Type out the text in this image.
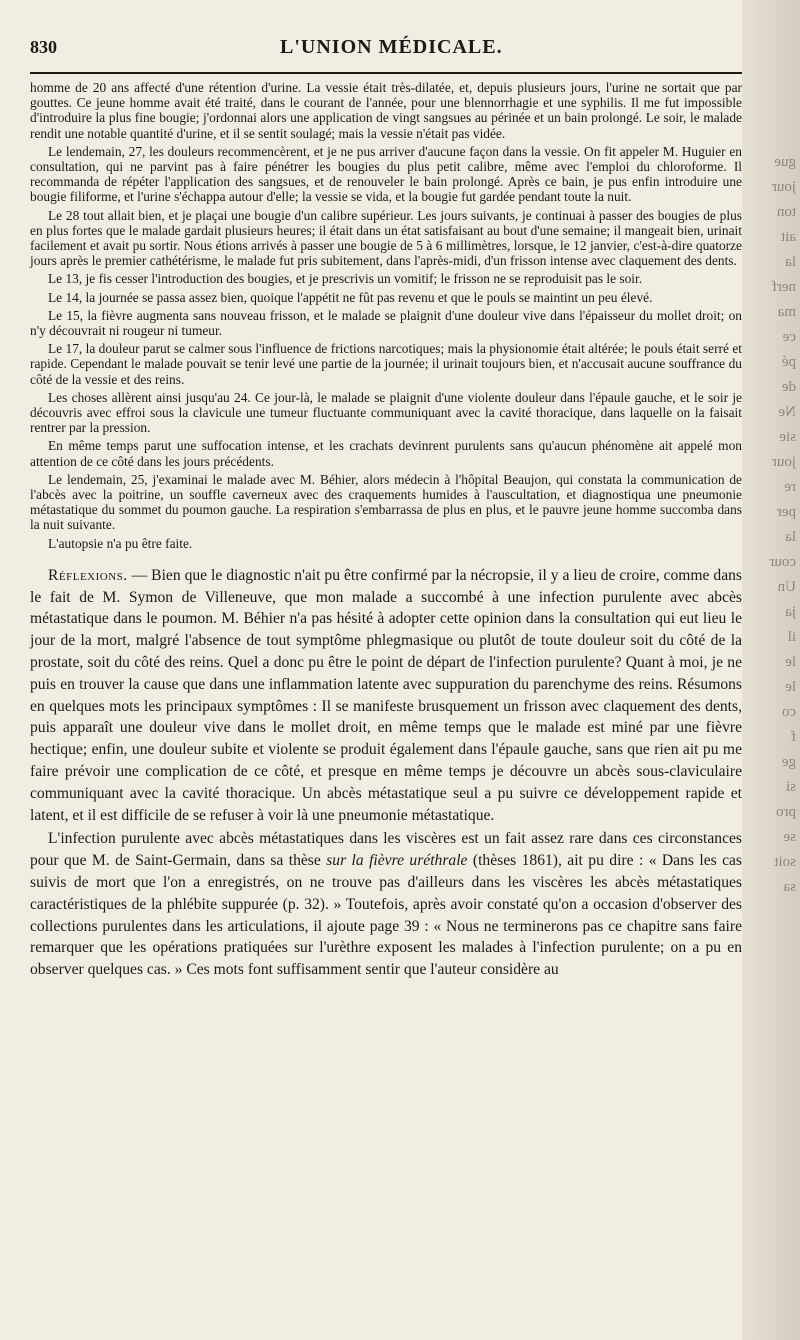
gue
jour
ton
ait
la
nerf
ma
ce
pé
de
Ne
sie
jour
re
per
la
cour
Un
ja
il
le
le
co
f
ge
si
pro
se
soit
sa
830	L'UNION MÉDICALE.

homme de 20 ans affecté d'une rétention d'urine. La vessie était très-dilatée, et, depuis plusieurs jours, l'urine ne sortait que par gouttes. Ce jeune homme avait été traité, dans le courant de l'année, pour une blennorrhagie et une syphilis. Il me fut impossible d'introduire la plus fine bougie; j'ordonnai alors une application de vingt sangsues au périnée et un bain prolongé. Le soir, le malade rendit une notable quantité d'urine, et il se sentit soulagé; mais la vessie n'était pas vidée.

Le lendemain, 27, les douleurs recommencèrent, et je ne pus arriver d'aucune façon dans la vessie. On fit appeler M. Huguier en consultation, qui ne parvint pas à faire pénétrer les bougies du plus petit calibre, même avec l'emploi du chloroforme. Il recommanda de répéter l'application des sangsues, et de renouveler le bain prolongé. Après ce bain, je pus enfin introduire une bougie filiforme, et l'urine s'échappa autour d'elle; la vessie se vida, et la bougie fut gardée pendant toute la nuit.

Le 28 tout allait bien, et je plaçai une bougie d'un calibre supérieur. Les jours suivants, je continuai à passer des bougies de plus en plus fortes que le malade gardait plusieurs heures; il était dans un état satisfaisant au bout d'une semaine; il mangeait bien, urinait facilement et avait pu sortir. Nous étions arrivés à passer une bougie de 5 à 6 millimètres, lorsque, le 12 janvier, c'est-à-dire quatorze jours après le premier cathétérisme, le malade fut pris subitement, dans l'après-midi, d'un frisson intense avec claquement des dents.

Le 13, je fis cesser l'introduction des bougies, et je prescrivis un vomitif; le frisson ne se reproduisit pas le soir.

Le 14, la journée se passa assez bien, quoique l'appétit ne fût pas revenu et que le pouls se maintint un peu élevé.

Le 15, la fièvre augmenta sans nouveau frisson, et le malade se plaignit d'une douleur vive dans l'épaisseur du mollet droit; on n'y découvrait ni rougeur ni tumeur.

Le 17, la douleur parut se calmer sous l'influence de frictions narcotiques; mais la physionomie était altérée; le pouls était serré et rapide. Cependant le malade pouvait se tenir levé une partie de la journée; il urinait toujours bien, et n'accusait aucune souffrance du côté de la vessie et des reins.

Les choses allèrent ainsi jusqu'au 24. Ce jour-là, le malade se plaignit d'une violente douleur dans l'épaule gauche, et le soir je découvris avec effroi sous la clavicule une tumeur fluctuante communiquant avec la cavité thoracique, dans laquelle on la faisait rentrer par la pression.

En même temps parut une suffocation intense, et les crachats devinrent purulents sans qu'aucun phénomène ait appelé mon attention de ce côté dans les jours précédents.

Le lendemain, 25, j'examinai le malade avec M. Béhier, alors médecin à l'hôpital Beaujon, qui constata la communication de l'abcès avec la poitrine, un souffle caverneux avec des craquements humides à l'auscultation, et diagnostiqua une pneumonie métastatique du sommet du poumon gauche. La respiration s'embarrassa de plus en plus, et le pauvre jeune homme succomba dans la nuit suivante.

L'autopsie n'a pu être faite.

Réflexions. — Bien que le diagnostic n'ait pu être confirmé par la nécropsie, il y a lieu de croire, comme dans le fait de M. Symon de Villeneuve, que mon malade a succombé à une infection purulente avec abcès métastatique dans le poumon. M. Béhier n'a pas hésité à adopter cette opinion dans la consultation qui eut lieu le jour de la mort, malgré l'absence de tout symptôme phlegmasique ou plutôt de toute douleur soit du côté de la prostate, soit du côté des reins. Quel a donc pu être le point de départ de l'infection purulente? Quant à moi, je ne puis en trouver la cause que dans une inflammation latente avec suppuration du parenchyme des reins. Résumons en quelques mots les principaux symptômes : Il se manifeste brusquement un frisson avec claquement des dents, puis apparaît une douleur vive dans le mollet droit, en même temps que le malade est miné par une fièvre hectique; enfin, une douleur subite et violente se produit également dans l'épaule gauche, sans que rien ait pu me faire prévoir une complication de ce côté, et presque en même temps je découvre un abcès sous-claviculaire communiquant avec la cavité thoracique. Un abcès métastatique seul a pu suivre ce développement rapide et latent, et il est difficile de se refuser à voir là une pneumonie métastatique.

L'infection purulente avec abcès métastatiques dans les viscères est un fait assez rare dans ces circonstances pour que M. de Saint-Germain, dans sa thèse sur la fièvre uréthrale (thèses 1861), ait pu dire : « Dans les cas suivis de mort que l'on a enregistrés, on ne trouve pas d'ailleurs dans les viscères les abcès métastatiques caractéristiques de la phlébite suppurée (p. 32). » Toutefois, après avoir constaté qu'on a occasion d'observer des collections purulentes dans les articulations, il ajoute page 39 : « Nous ne terminerons pas ce chapitre sans faire remarquer que les opérations pratiquées sur l'urèthre exposent les malades à l'infection purulente; on a pu en observer quelques cas. » Ces mots font suffisamment sentir que l'auteur considère au
